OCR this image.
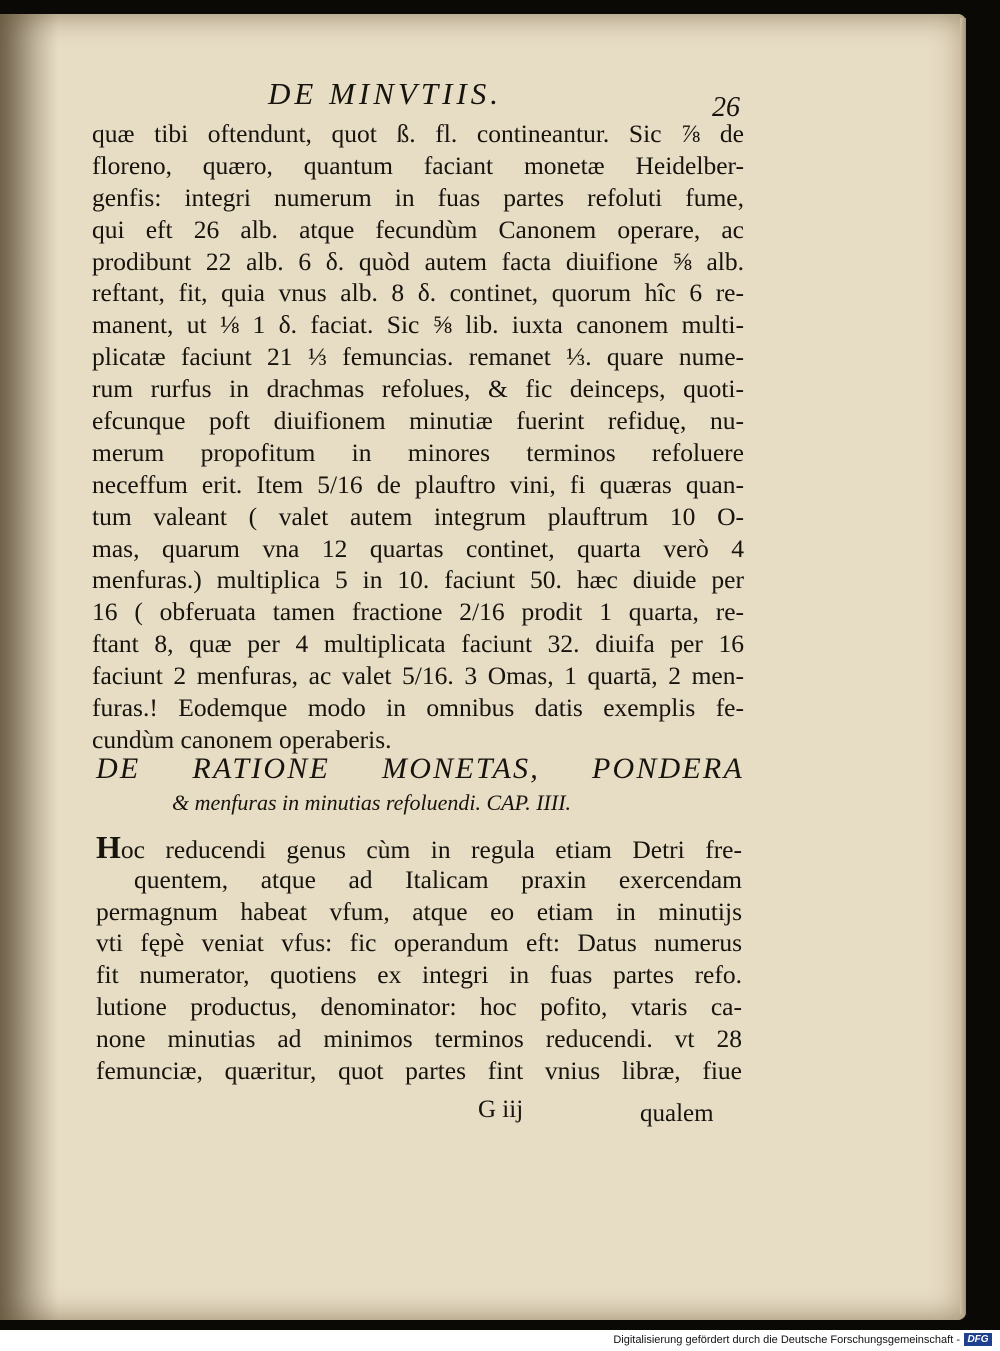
DE MINVTIIS.	26
quæ tibi oftendunt, quot ß. fl. contineantur. Sic ⅞ de
floreno, quæro, quantum faciant monetæ Heidelber-
genfis: integri numerum in fuas partes refoluti fume,
qui eft 26 alb. atque fecundùm Canonem operare, ac
prodibunt 22 alb. 6 δ. quòd autem facta diuifione ⅝ alb.
reftant, fit, quia vnus alb. 8 δ. continet, quorum hîc 6 re-
manent, ut ⅛ 1 δ. faciat. Sic ⅝ lib. iuxta canonem multi-
plicatæ faciunt 21 ⅓ femuncias. remanet ⅓. quare nume-
rum rurfus in drachmas refolues, & fic deinceps, quoti-
efcunque poft diuifionem minutiæ fuerint refiduę, nu-
merum propofitum in minores terminos refoluere
neceffum erit. Item 5/16 de plauftro vini, fi quæras quan-
tum valeant ( valet autem integrum plauftrum 10 O-
mas, quarum vna 12 quartas continet, quarta verò 4
menfuras.) multiplica 5 in 10. faciunt 50. hæc diuide per
16 ( obferuata tamen fractione 2/16 prodit 1 quarta, re-
ftant 8, quæ per 4 multiplicata faciunt 32. diuifa per 16
faciunt 2 menfuras, ac valet 5/16. 3 Omas, 1 quartā, 2 men-
furas.! Eodemque modo in omnibus datis exemplis fe-
cundùm canonem operaberis.
DE RATIONE MONETAS, PONDERA
& menfuras in minutias refoluendi. CAP. IIII.
Hoc reducendi genus cùm in regula etiam Detri fre-
quentem, atque ad Italicam praxin exercendam
permagnum habeat vfum, atque eo etiam in minutijs
vti fępè veniat vfus: fic operandum eft: Datus numerus
fit numerator, quotiens ex integri in fuas partes refo.
lutione productus, denominator: hoc pofito, vtaris ca-
none minutias ad minimos terminos reducendi. vt 28
femunciæ, quæritur, quot partes fint vnius libræ, fiue
G iij	qualem
Digitalisierung gefördert durch die Deutsche Forschungsgemeinschaft - DFG
